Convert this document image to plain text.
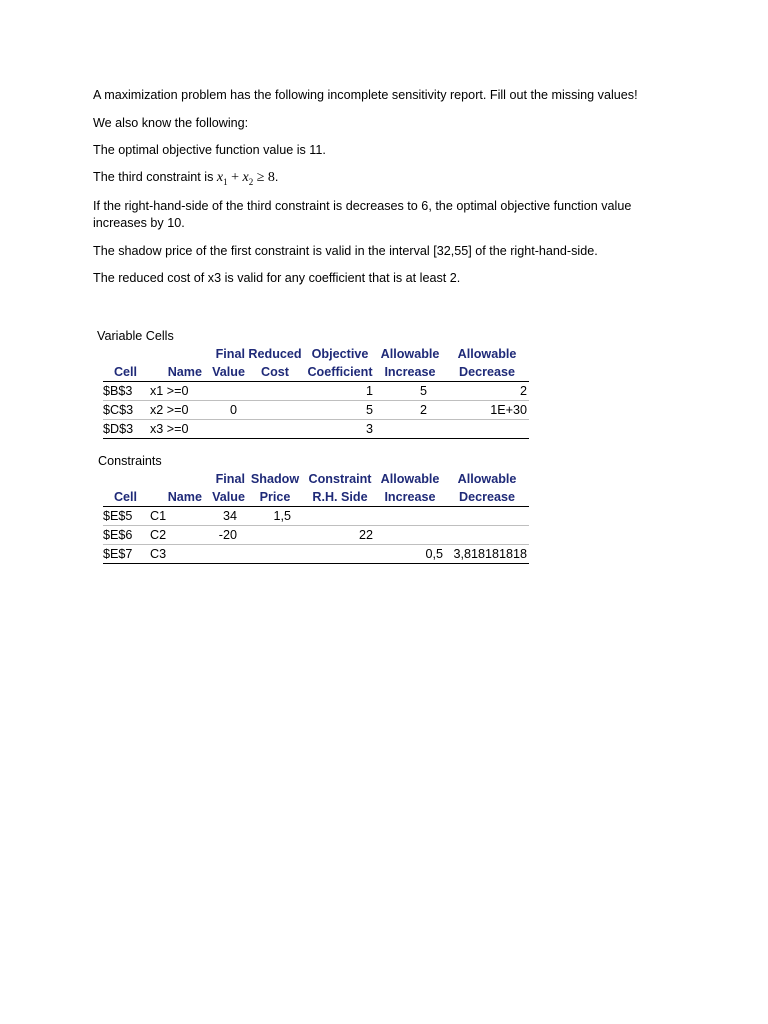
A maximization problem has the following incomplete sensitivity report. Fill out the missing values!

We also know the following:

The optimal objective function value is 11.

The third constraint is $x_1 + x_2 \ge 8$.

If the right-hand-side of the third constraint is decreases to 6, the optimal objective function value increases by 10.

The shadow price of the first constraint is valid in the interval [32,55] of the right-hand-side.

The reduced cost of x3 is valid for any coefficient that is at least 2.

Variable Cells
		Final	Reduced	Objective	Allowable	Allowable
Cell	Name	Value	Cost	Coefficient	Increase	Decrease
$B$3	x1 >=0			1	5	2
$C$3	x2 >=0	0		5	2	1E+30
$D$3	x3 >=0			3		
Constraints
		Final	Shadow	Constraint	Allowable	Allowable
Cell	Name	Value	Price	R.H. Side	Increase	Decrease
$E$5	C1	34	1,5			
$E$6	C2	-20		22		
$E$7	C3				0,5	3,818181818
